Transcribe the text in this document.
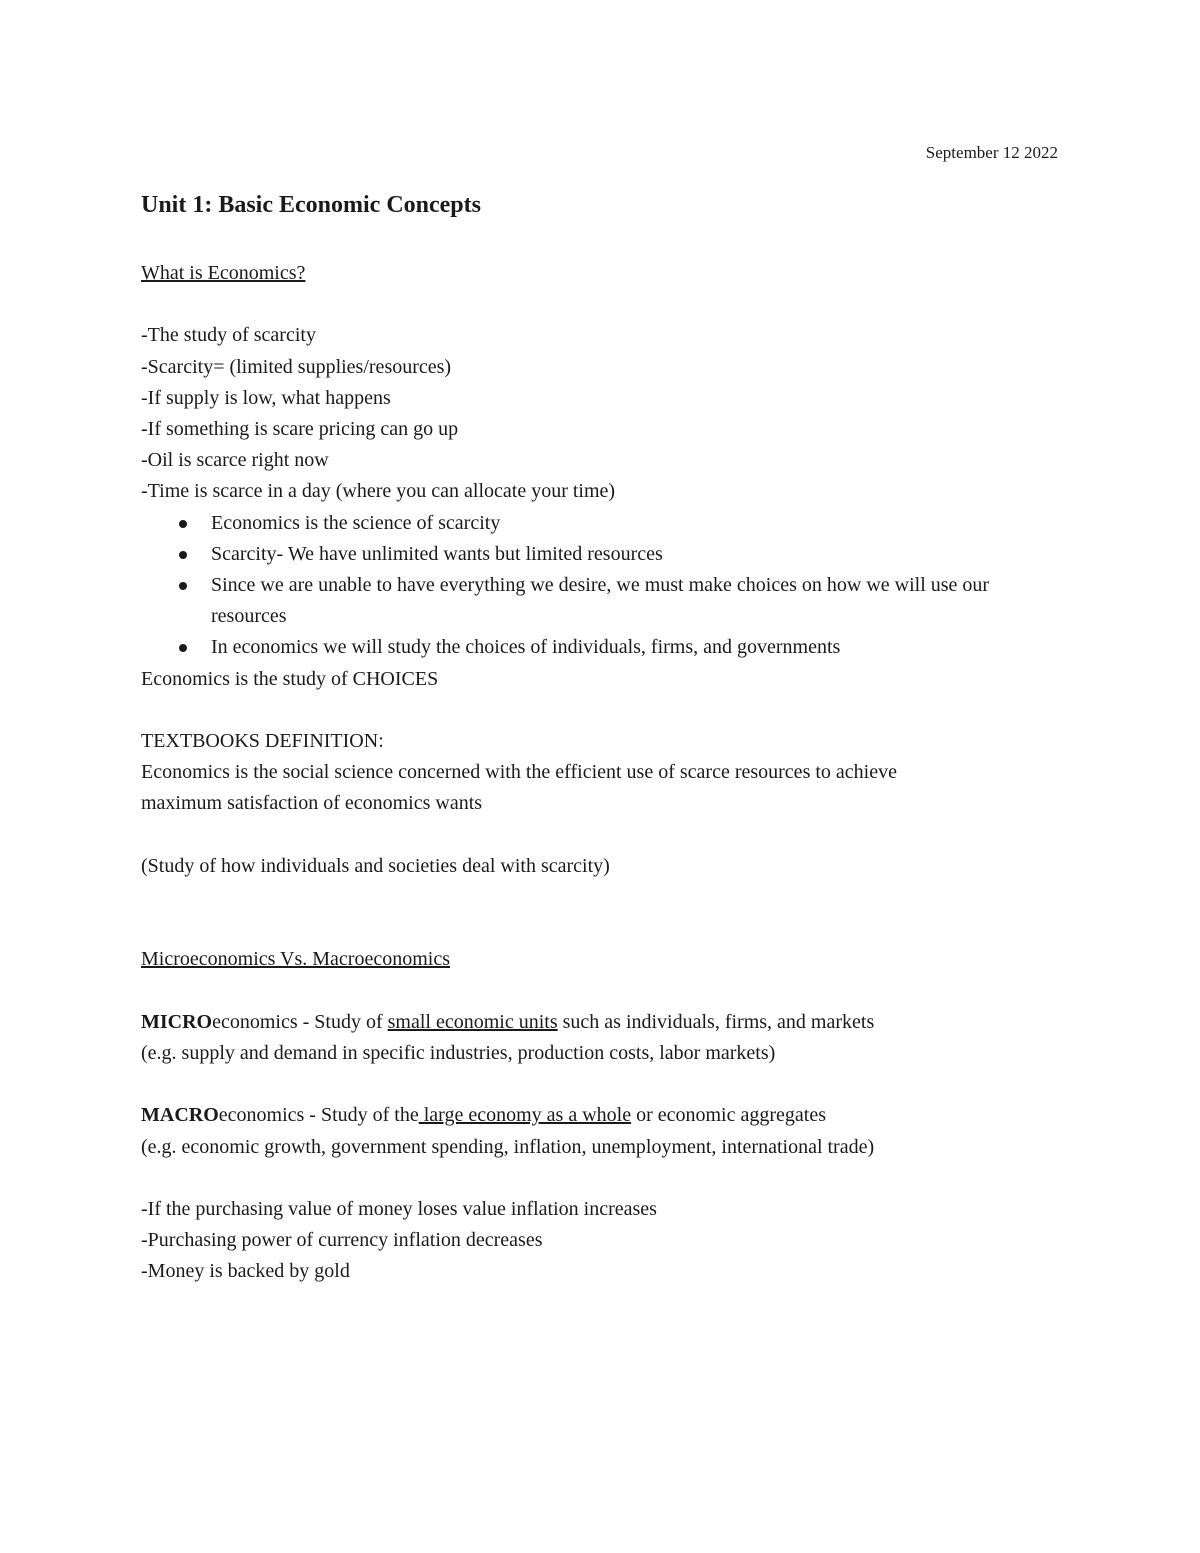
September 12 2022
Unit 1: Basic Economic Concepts

What is Economics?

-The study of scarcity

-Scarcity= (limited supplies/resources)

-If supply is low, what happens

-If something is scare pricing can go up

-Oil is scarce right now

-Time is scarce in a day (where you can allocate your time)

Economics is the science of scarcity
Scarcity- We have unlimited wants but limited resources
Since we are unable to have everything we desire, we must make choices on how we will use our resources
In economics we will study the choices of individuals, firms, and governments

Economics is the study of CHOICES

TEXTBOOKS DEFINITION:

Economics is the social science concerned with the efficient use of scarce resources to achieve

maximum satisfaction of economics wants

(Study of how individuals and societies deal with scarcity)

Microeconomics Vs. Macroeconomics

MICROeconomics - Study of small economic units such as individuals, firms, and markets

(e.g. supply and demand in specific industries, production costs, labor markets)

MACROeconomics - Study of the large economy as a whole or economic aggregates

(e.g. economic growth, government spending, inflation, unemployment, international trade)

-If the purchasing value of money loses value inflation increases

-Purchasing power of currency inflation decreases

-Money is backed by gold
